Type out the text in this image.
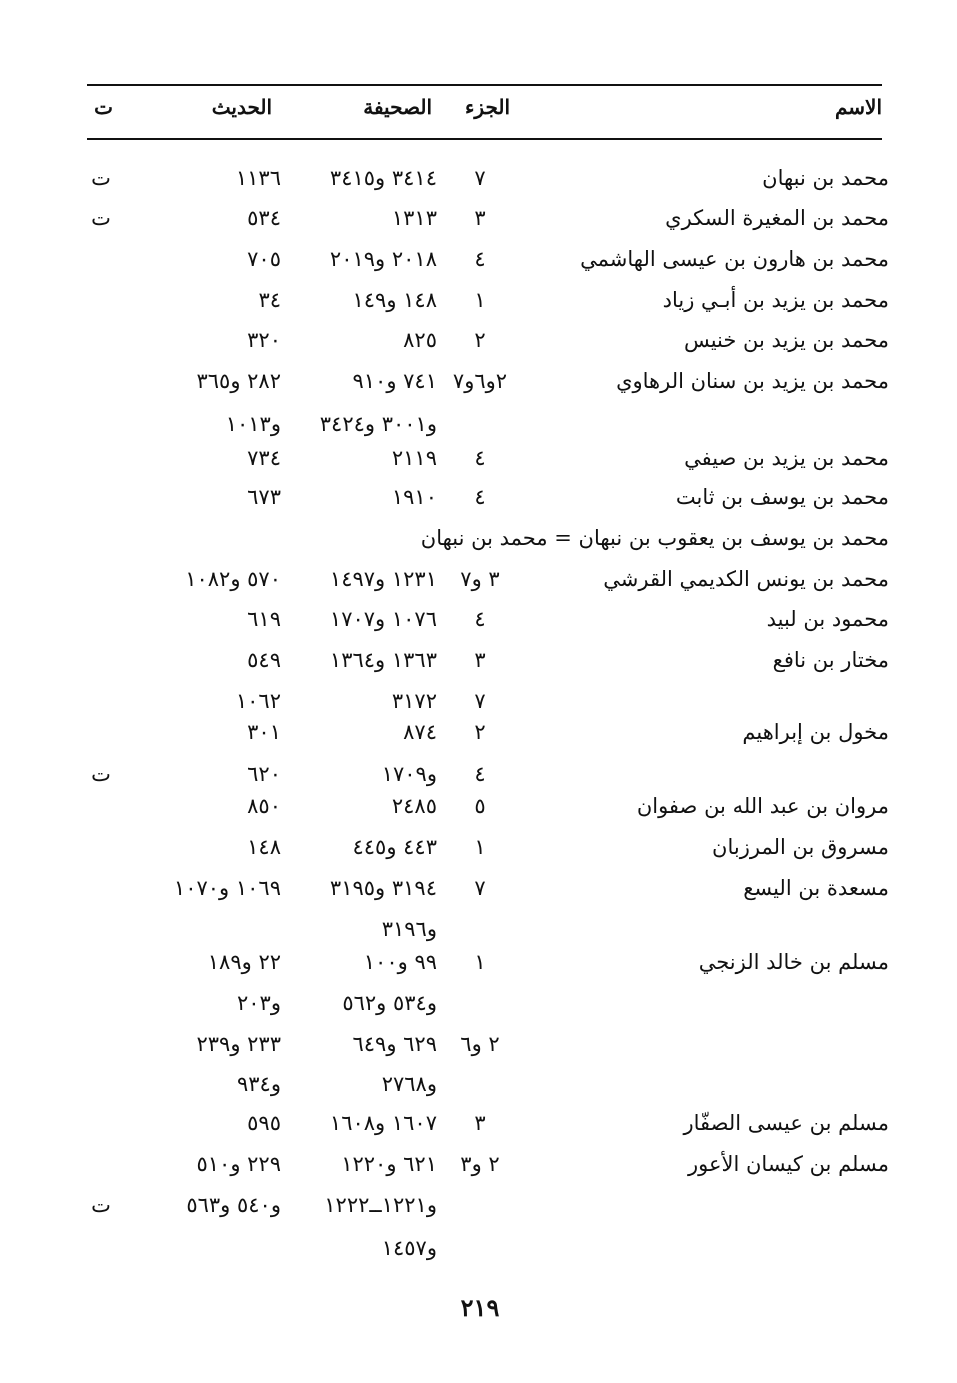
الاسم
الجزء
الصحيفة
الحديث
ت
محمد بن نبهان
٧
٣٤١٤ و٣٤١٥
١١٣٦
ت
محمد بن المغيرة السكري
٣
١٣١٣
٥٣٤
ت
محمد بن هارون بن عيسى الهاشمي
٤
٢٠١٨ و٢٠١٩
٧٠٥
محمد بن يزيد بن أبـي زياد
١
١٤٨ و١٤٩
٣٤
محمد بن يزيد بن خنيس
٢
٨٢٥
٣٢٠
محمد بن يزيد بن سنان الرهاوي
٢و٦و٧
٧٤١ و٩١٠
٢٨٢ و٣٦٥
و٣٠٠١ و٣٤٢٤
و١٠١٣
محمد بن يزيد بن صيفي
٤
٢١١٩
٧٣٤
محمد بن يوسف بن ثابت
٤
١٩١٠
٦٧٣
محمد بن يوسف بن يعقوب بن نبهان = محمد بن نبهان
محمد بن يونس الكديمي القرشي
٣ و٧
١٢٣١ و١٤٩٧
٥٧٠ و١٠٨٢
محمود بن لبيد
٤
١٠٧٦ و١٧٠٧
٦١٩
مختار بن نافع
٣
١٣٦٣ و١٣٦٤
٥٤٩
٧
٣١٧٢
١٠٦٢
مخول بن إبراهيم
٢
٨٧٤
٣٠١
٤
و١٧٠٩
٦٢٠
ت
مروان بن عبد الله بن صفوان
٥
٢٤٨٥
٨٥٠
مسروق بن المرزبان
١
٤٤٣ و٤٤٥
١٤٨
مسعدة بن اليسع
٧
٣١٩٤ و٣١٩٥
١٠٦٩ و١٠٧٠
و٣١٩٦
مسلم بن خالد الزنجي
١
٩٩ و١٠٠
٢٢ و١٨٩
و٥٣٤ و٥٦٢
و٢٠٣
٢ و٦
٦٢٩ و٦٤٩
٢٣٣ و٢٣٩
و٢٧٦٨
و٩٣٤
مسلم بن عيسى الصفّار
٣
١٦٠٧ و١٦٠٨
٥٩٥
مسلم بن كيسان الأعور
٢ و٣
٦٢١ و١٢٢٠
٢٢٩ و٥١٠
و١٢٢١ــ١٢٢٢
و٥٤٠ و٥٦٣
ت
و١٤٥٧
٢١٩
